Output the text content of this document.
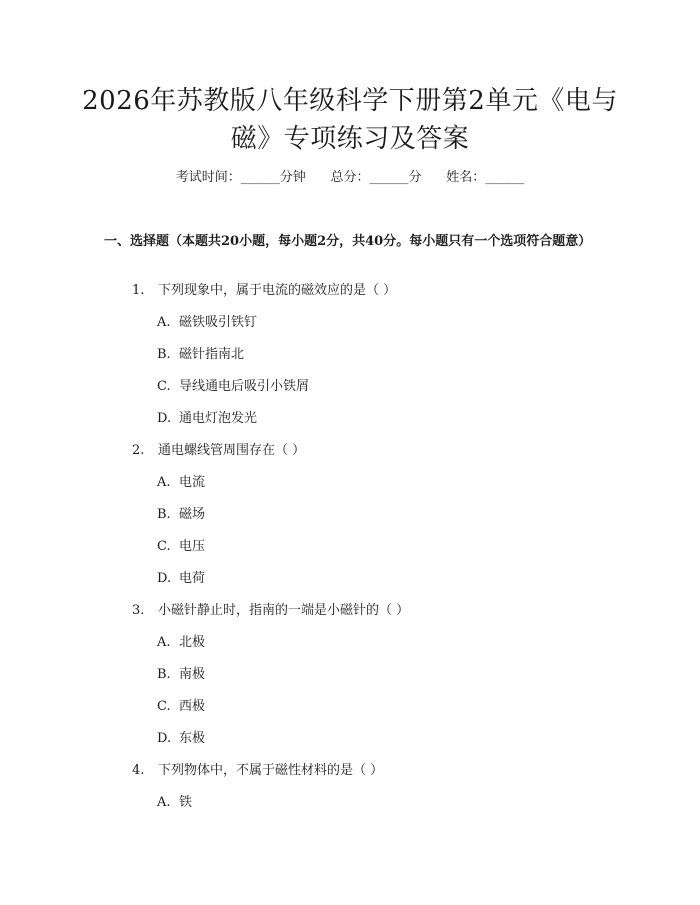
2026年苏教版八年级科学下册第2单元《电与磁》专项练习及答案
考试时间：______分钟      总分：______分      姓名：______
一、选择题（本题共20小题，每小题2分，共40分。每小题只有一个选项符合题意）
1. 下列现象中，属于电流的磁效应的是（ ）
A. 磁铁吸引铁钉
B. 磁针指南北
C. 导线通电后吸引小铁屑
D. 通电灯泡发光
2. 通电螺线管周围存在（ ）
A. 电流
B. 磁场
C. 电压
D. 电荷
3. 小磁针静止时，指南的一端是小磁针的（ ）
A. 北极
B. 南极
C. 西极
D. 东极
4. 下列物体中，不属于磁性材料的是（ ）
A. 铁
